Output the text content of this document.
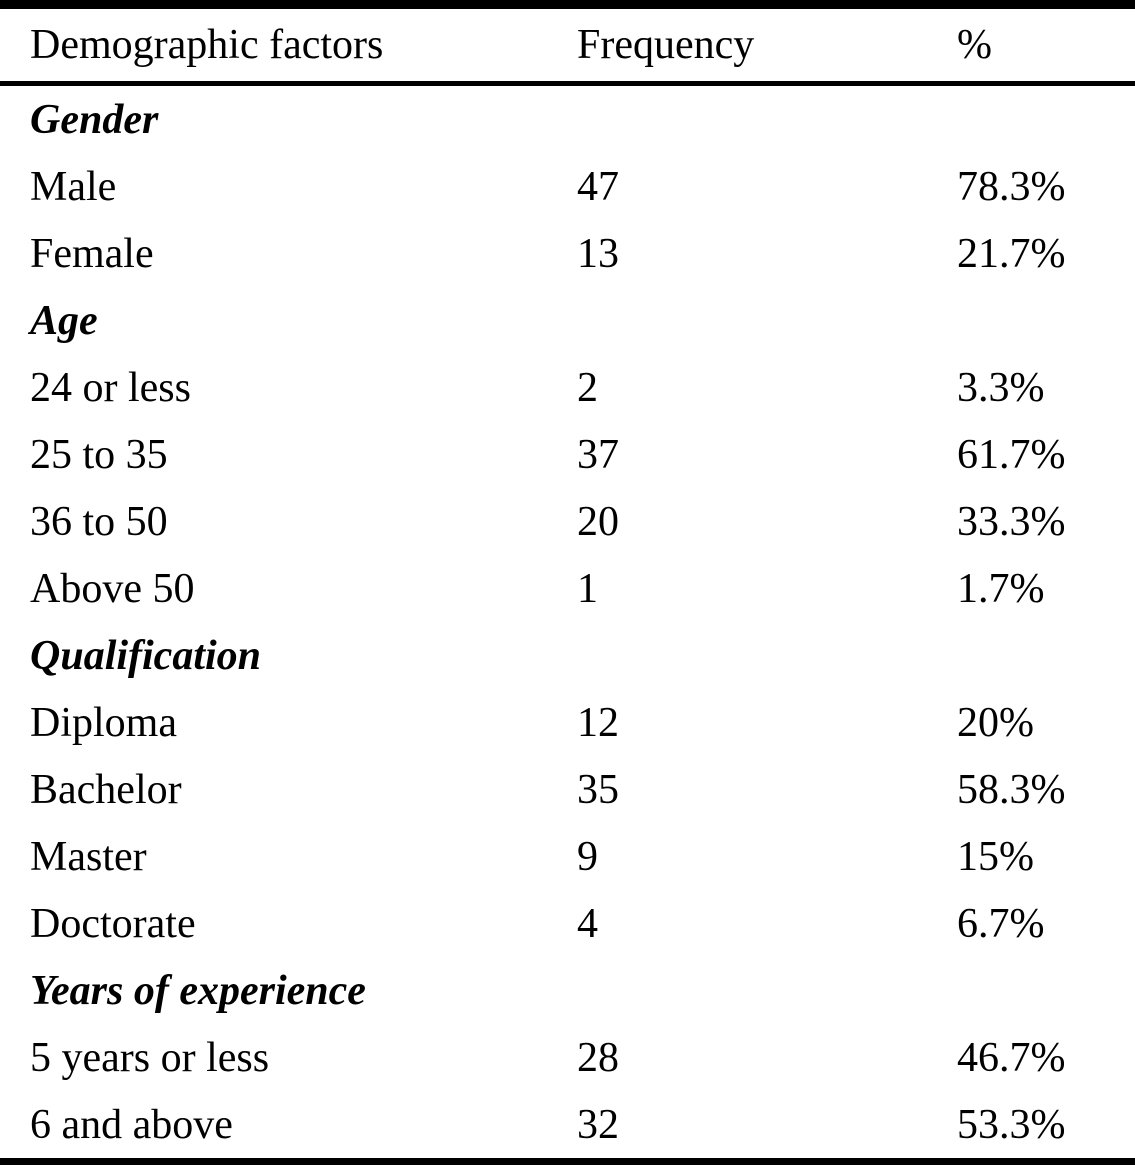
Demographic factors	Frequency	%
Gender		
Male	47	78.3%
Female	13	21.7%
Age		
24 or less	2	3.3%
25 to 35	37	61.7%
36 to 50	20	33.3%
Above 50	1	1.7%
Qualification		
Diploma	12	20%
Bachelor	35	58.3%
Master	9	15%
Doctorate	4	6.7%
Years of experience		
5 years or less	28	46.7%
6 and above	32	53.3%
